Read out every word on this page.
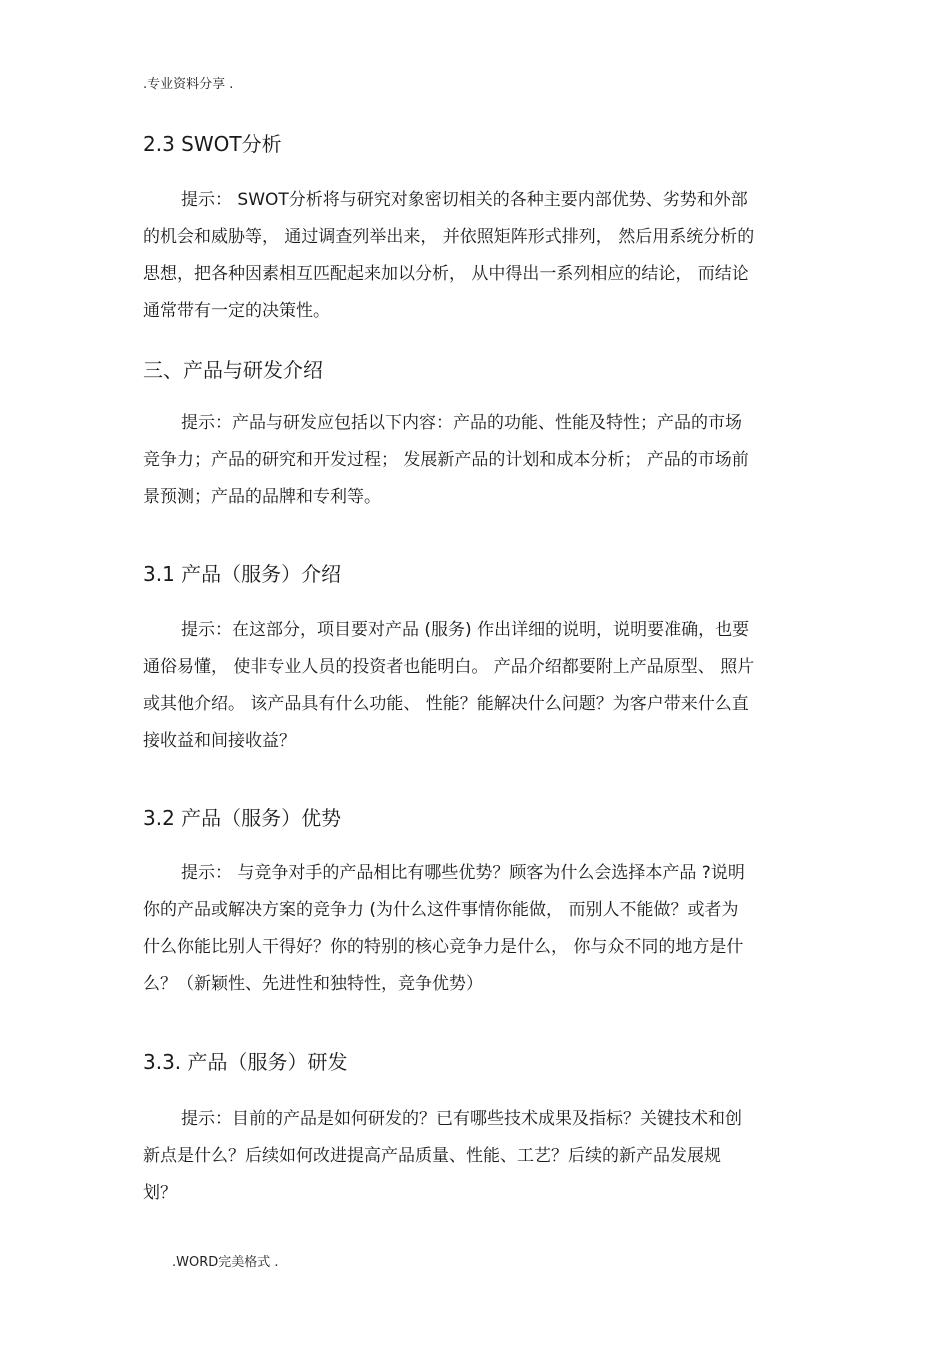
.专业资料分享 .
2.3 SWOT分析
提示： SWOT分析将与研究对象密切相关的各种主要内部优势、劣势和外部
的机会和威胁等， 通过调查列举出来， 并依照矩阵形式排列， 然后用系统分析的
思想，把各种因素相互匹配起来加以分析， 从中得出一系列相应的结论， 而结论
通常带有一定的决策性。
三、产品与研发介绍
提示：产品与研发应包括以下内容：产品的功能、性能及特性；产品的市场
竞争力；产品的研究和开发过程； 发展新产品的计划和成本分析； 产品的市场前
景预测；产品的品牌和专利等。
3.1 产品（服务）介绍
提示：在这部分，项目要对产品 (服务) 作出详细的说明，说明要准确，也要
通俗易懂， 使非专业人员的投资者也能明白。 产品介绍都要附上产品原型、 照片
或其他介绍。 该产品具有什么功能、 性能？能解决什么问题？为客户带来什么直
接收益和间接收益？
3.2 产品（服务）优势
提示： 与竞争对手的产品相比有哪些优势？顾客为什么会选择本产品 ?说明
你的产品或解决方案的竞争力 (为什么这件事情你能做， 而别人不能做？或者为
什么你能比别人干得好？你的特别的核心竞争力是什么， 你与众不同的地方是什
么？（新颖性、先进性和独特性，竞争优势）
3.3. 产品（服务）研发
提示：目前的产品是如何研发的？已有哪些技术成果及指标？关键技术和创
新点是什么？后续如何改进提高产品质量、性能、工艺？后续的新产品发展规
划？
.WORD完美格式 .
